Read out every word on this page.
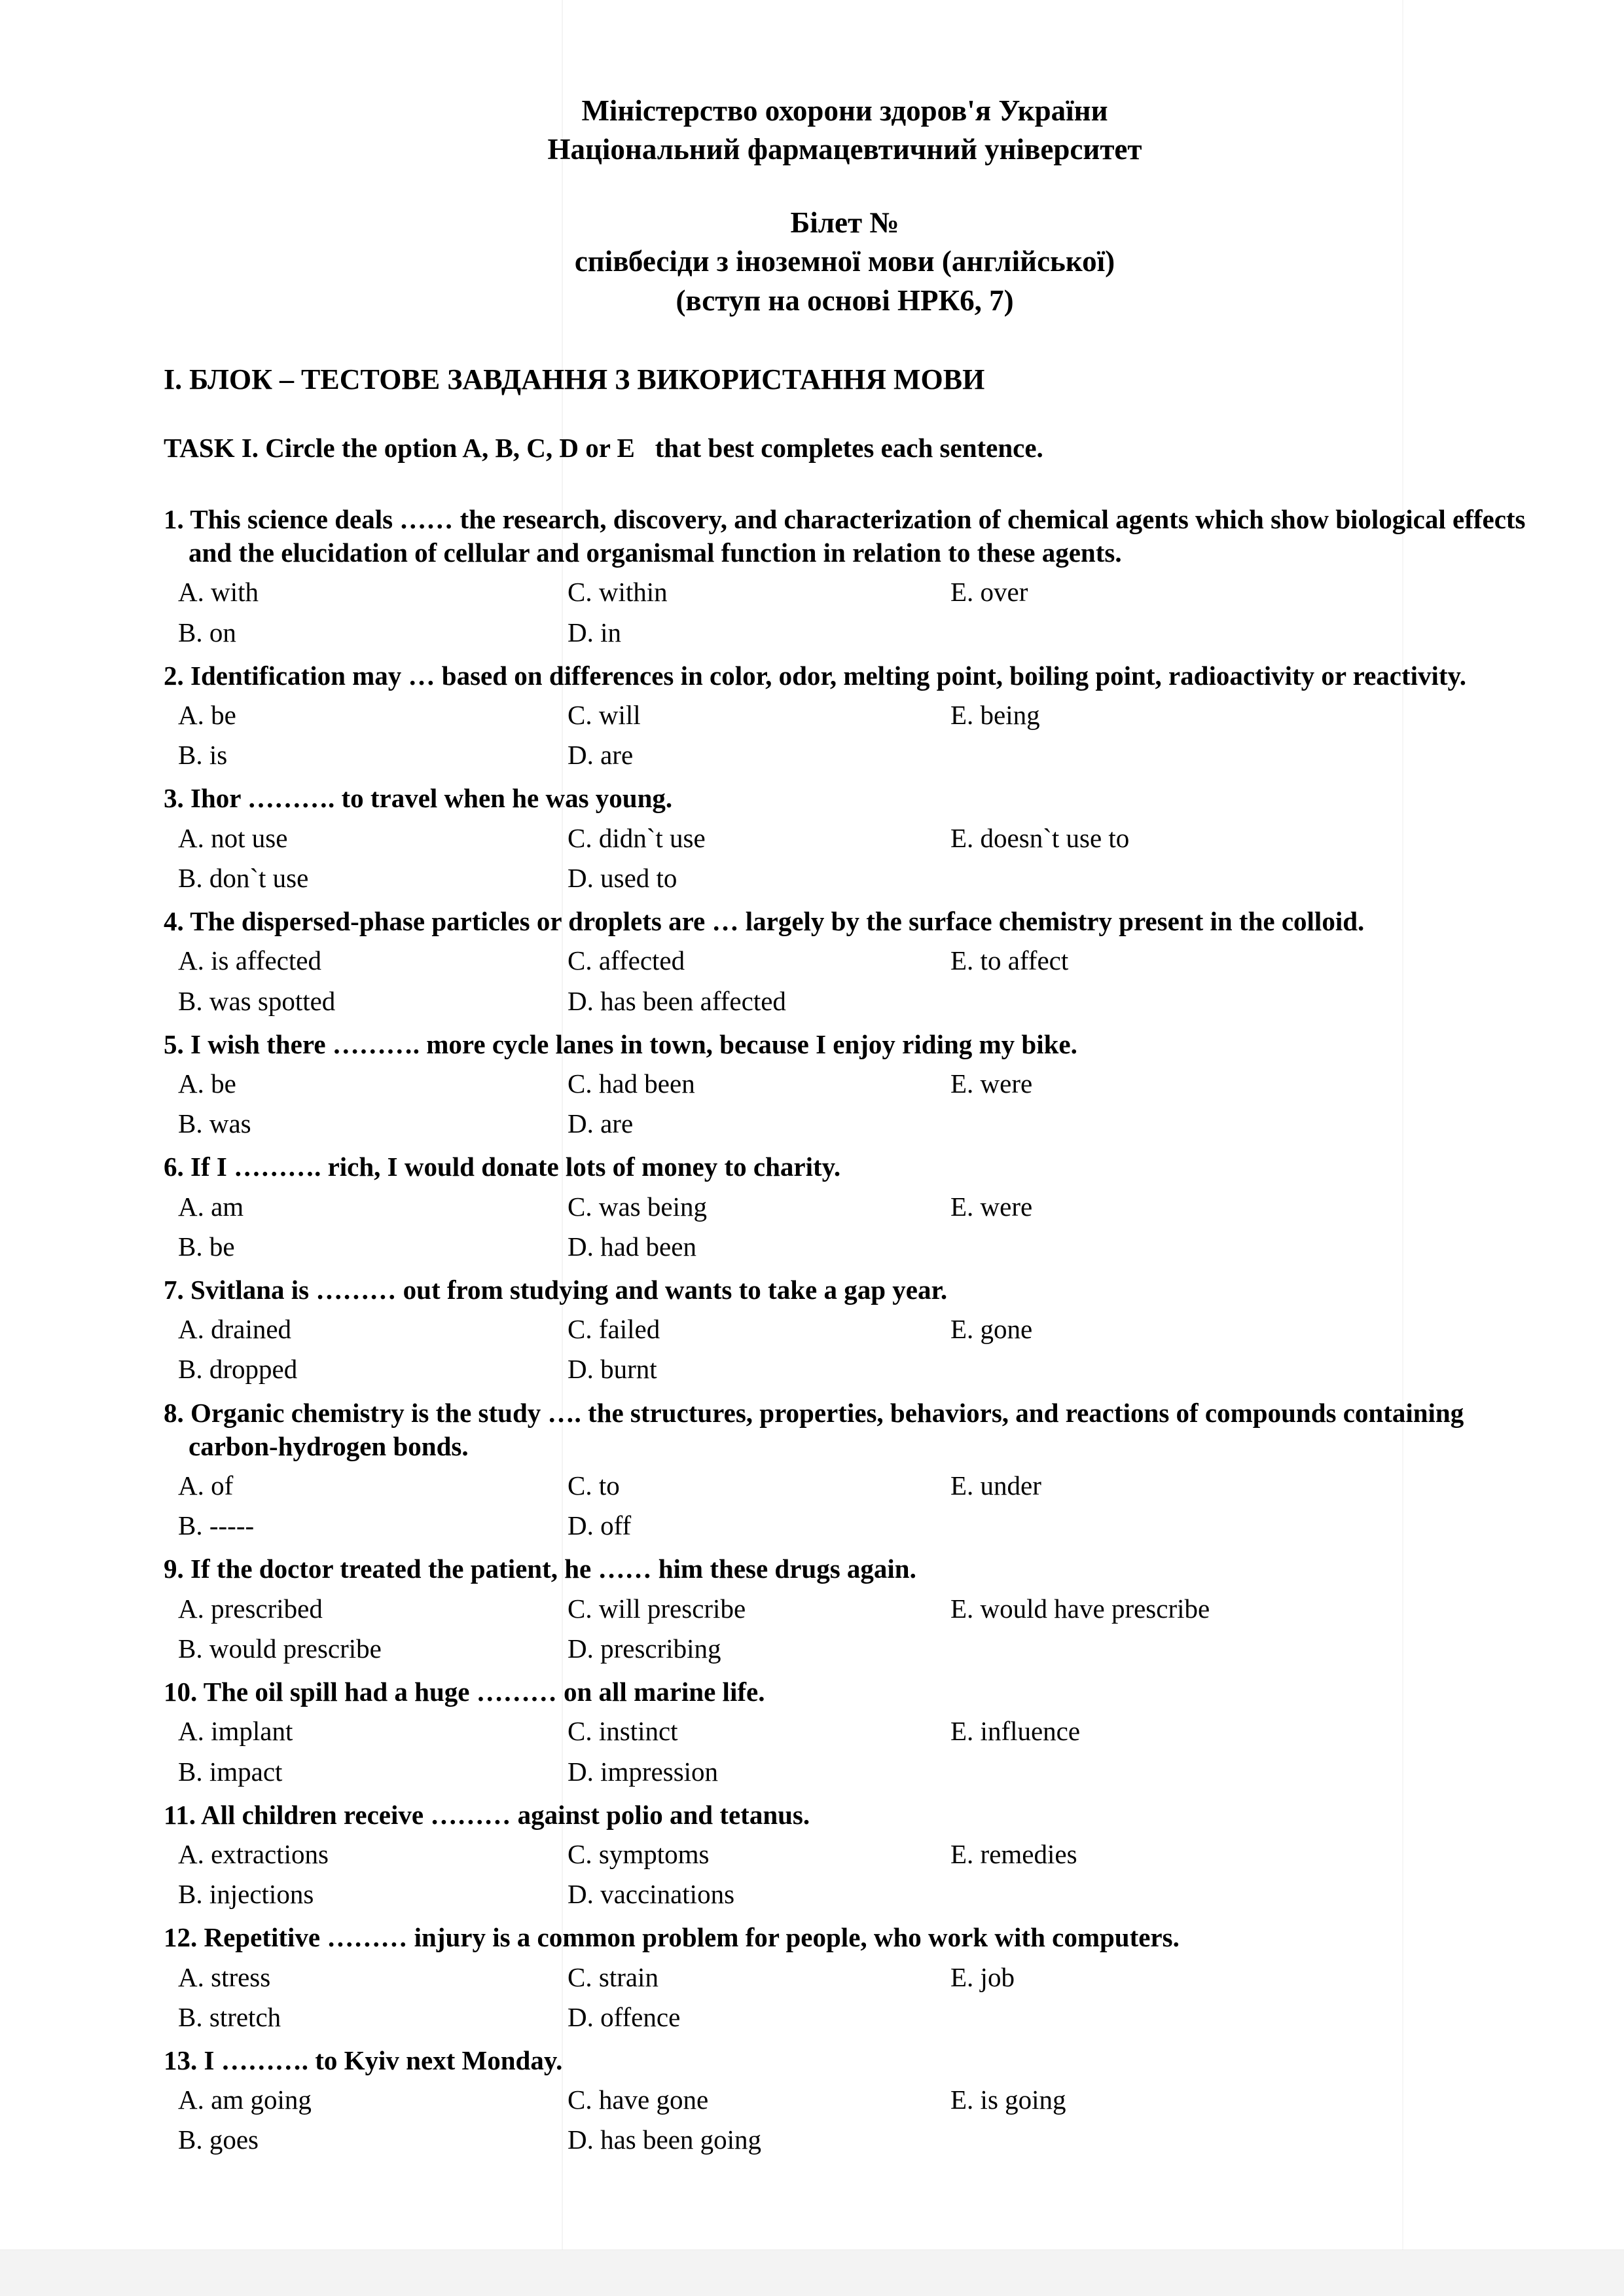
Міністерство охорони здоров'я України
Національний фармацевтичний університет
Білет №
співбесіди з іноземної мови (англійської)
(вступ на основі НРК6, 7)
I. БЛОК – ТЕСТОВЕ ЗАВДАННЯ З ВИКОРИСТАННЯ МОВИ
TASK I. Circle the option A, B, C, D or E   that best completes each sentence.

1. This science deals …… the research, discovery, and characterization of chemical agents which show biological effects and the elucidation of cellular and organismal function in relation to these agents.

A. with	C. within	E. over
B. on	D. in

2. Identification may … based on differences in color, odor, melting point, boiling point, radioactivity or reactivity.

A. be	C. will	E. being
B. is	D. are

3. Ihor ………. to travel when he was young.

A. not use	C. didn`t use	E. doesn`t use to
B. don`t use	D. used to

4. The dispersed-phase particles or droplets are … largely by the surface chemistry present in the colloid.

A. is affected	C. affected	E. to affect
B. was spotted	D. has been affected

5. I wish there ………. more cycle lanes in town, because I enjoy riding my bike.

A. be	C. had been	E. were
B. was	D. are

6. If I ………. rich, I would donate lots of money to charity.

A. am	C. was being	E. were
B. be	D. had been

7. Svitlana is ……… out from studying and wants to take a gap year.

A. drained	C. failed	E. gone
B. dropped	D. burnt

8. Organic chemistry is the study …. the structures, properties, behaviors, and reactions of compounds containing carbon-hydrogen bonds.

A. of	C. to	E. under
B. -----	D. off

9. If the doctor treated the patient, he …… him these drugs again.

A. prescribed	C. will prescribe	E. would have prescribe
B. would prescribe	D. prescribing

10. The oil spill had a huge ……… on all marine life.

A. implant	C. instinct	E. influence
B. impact	D. impression

11. All children receive ……… against polio and tetanus.

A. extractions	C. symptoms	E. remedies
B. injections	D. vaccinations

12. Repetitive ……… injury is a common problem for people, who work with computers.

A. stress	C. strain	E. job
B. stretch	D. offence

13. I ………. to Kyiv next Monday.

A. am going	C. have gone	E. is going
B. goes	D. has been going
